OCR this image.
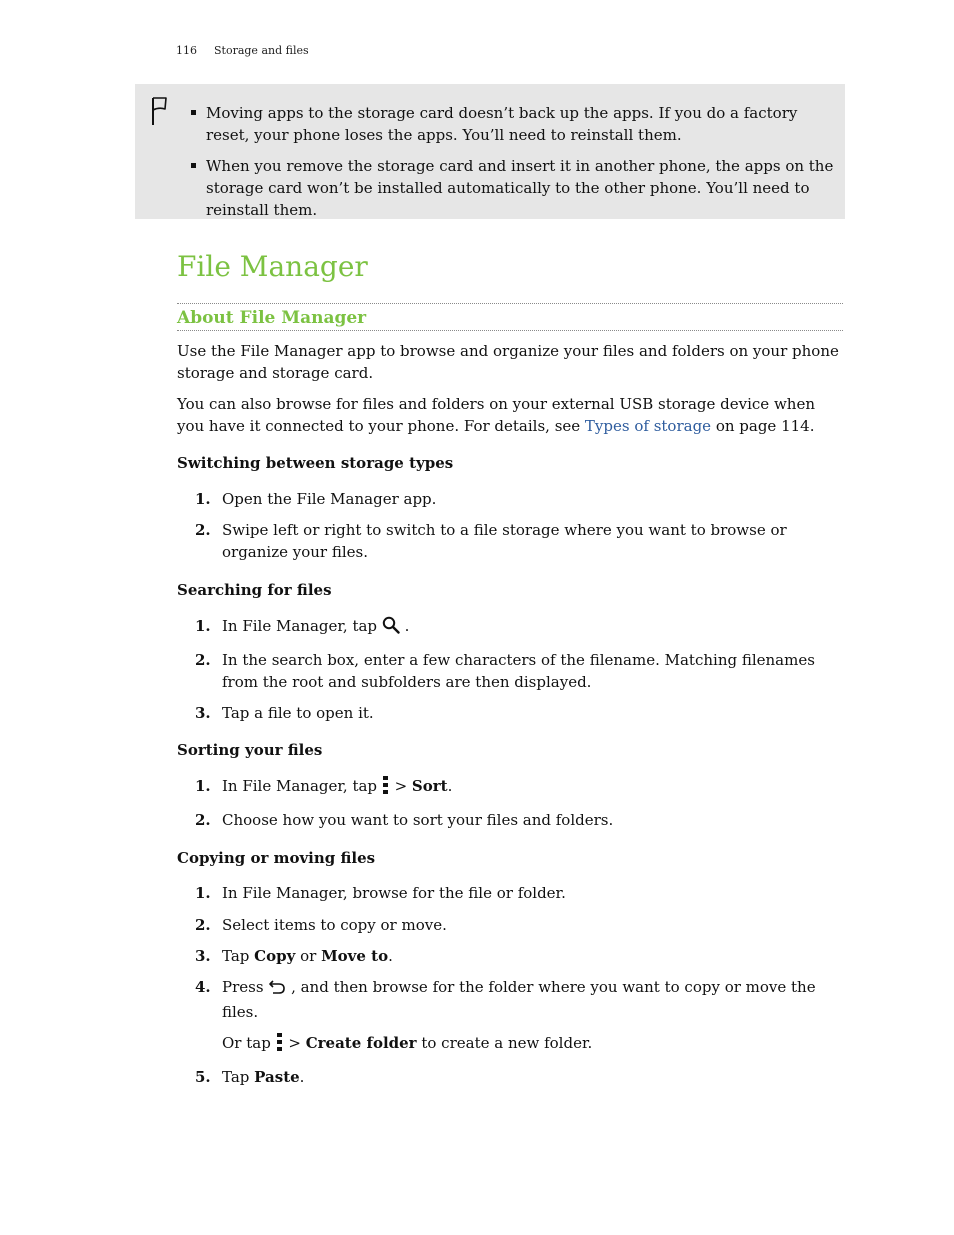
116 Storage and files
Moving apps to the storage card doesn’t back up the apps. If you do a factory reset, your phone loses the apps. You’ll need to reinstall them.
When you remove the storage card and insert it in another phone, the apps on the storage card won’t be installed automatically to the other phone. You’ll need to reinstall them.
File Manager
About File Manager

Use the File Manager app to browse and organize your files and folders on your phone storage and storage card.

You can also browse for files and folders on your external USB storage device when you have it connected to your phone. For details, see Types of storage on page 114.

Switching between storage types
1. Open the File Manager app.
2. Swipe left or right to switch to a file storage where you want to browse or organize your files.
Searching for files
1. In File Manager, tap  .
2. In the search box, enter a few characters of the filename. Matching filenames from the root and subfolders are then displayed.
3. Tap a file to open it.
Sorting your files
1. In File Manager, tap  > Sort.
2. Choose how you want to sort your files and folders.
Copying or moving files
1. In File Manager, browse for the file or folder.
2. Select items to copy or move.
3. Tap Copy or Move to.
4. Press  , and then browse for the folder where you want to copy or move the files.
Or tap  > Create folder to create a new folder.
5. Tap Paste.
